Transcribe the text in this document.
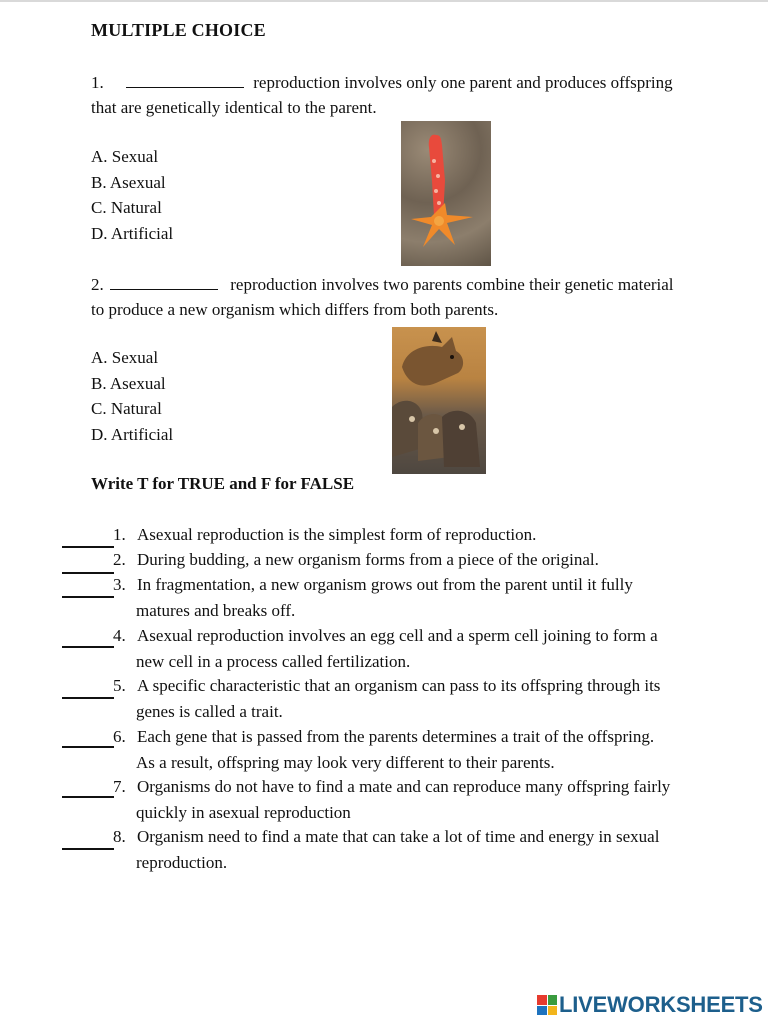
MULTIPLE CHOICE
1.	reproduction involves only one parent and produces offspring
that are genetically identical to the parent.
A. Sexual
B. Asexual
C. Natural
D. Artificial
2.	reproduction involves two parents combine their genetic material
to produce a new organism which differs from both parents.
A. Sexual
B. Asexual
C. Natural
D. Artificial
Write T for TRUE and F for FALSE
1. Asexual reproduction is the simplest form of reproduction.
2. During budding, a new organism forms from a piece of the original.
3. In fragmentation, a new organism grows out from the parent until it fully
matures and breaks off.
4. Asexual reproduction involves an egg cell and a sperm cell joining to form a
new cell in a process called fertilization.
5. A specific characteristic that an organism can pass to its offspring through its
genes is called a trait.
6. Each gene that is passed from the parents determines a trait of the offspring.
As a result, offspring may look very different to their parents.
7. Organisms do not have to find a mate and can reproduce many offspring fairly
quickly in asexual reproduction
8. Organism need to find a mate that can take a lot of time and energy in sexual
reproduction.
LIVEWORKSHEETS
